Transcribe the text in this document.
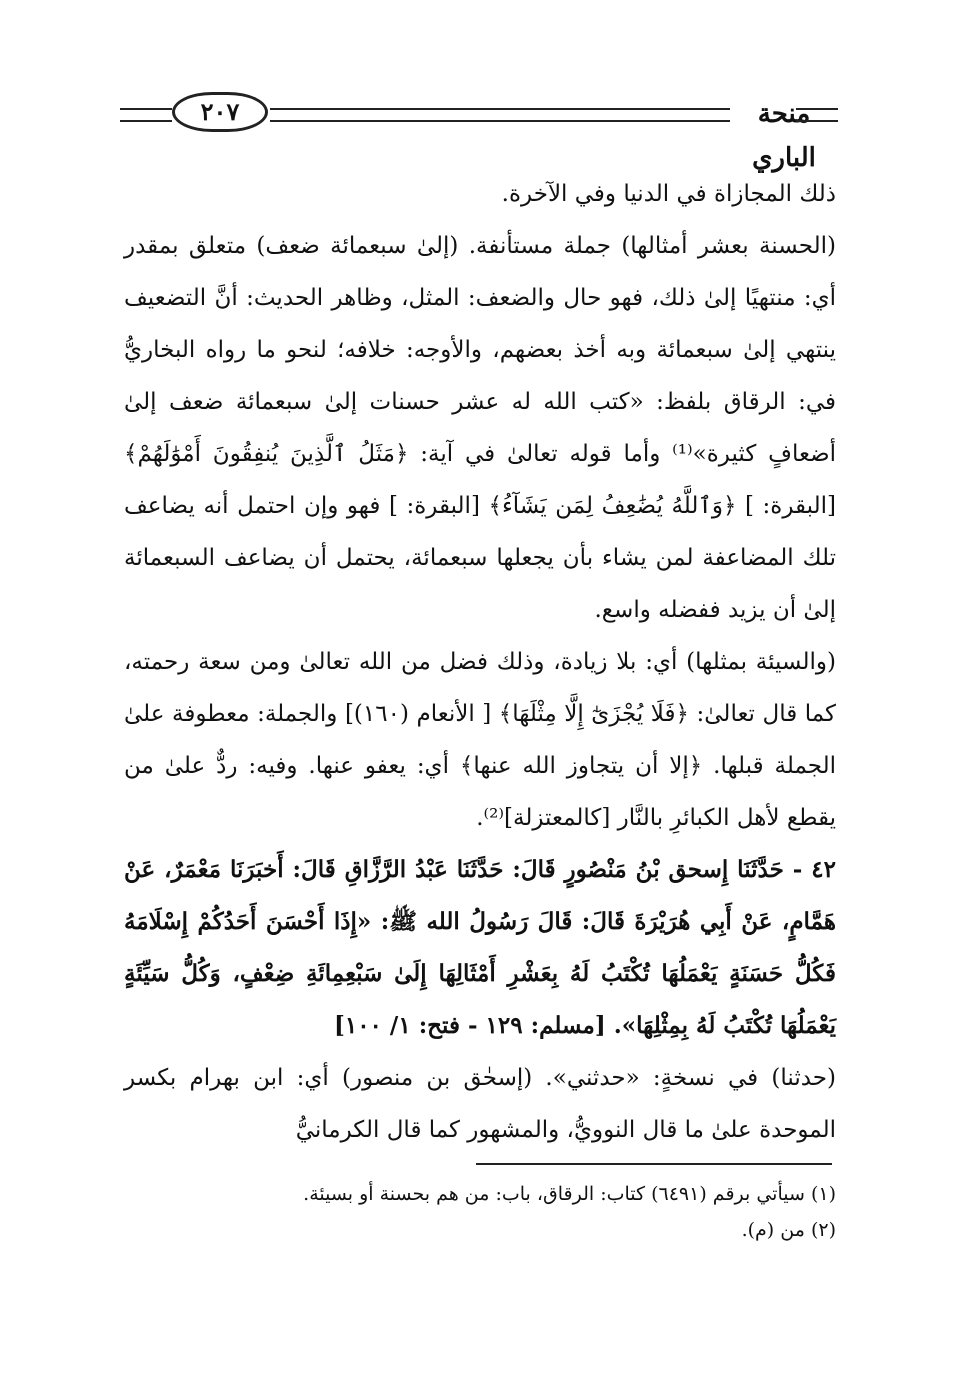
٢٠٧	منحة الباري

ذلك المجازاة في الدنيا وفي الآخرة.

(الحسنة بعشر أمثالها) جملة مستأنفة. (إلىٰ سبعمائة ضعف) متعلق بمقدر أي: منتهيًا إلىٰ ذلك، فهو حال والضعف: المثل، وظاهر الحديث: أنَّ التضعيف ينتهي إلىٰ سبعمائة وبه أخذ بعضهم، والأوجه: خلافه؛ لنحو ما رواه البخاريُّ في: الرقاق بلفظ: «كتب الله له عشر حسنات إلىٰ سبعمائة ضعف إلىٰ أضعافٍ كثيرة»⁽¹⁾ وأما قوله تعالىٰ في آية: ﴿مَثَلُ ٱلَّذِينَ يُنفِقُونَ أَمْوَٰلَهُمْ﴾ [البقرة: ] ﴿وَٱللَّهُ يُضَٰعِفُ لِمَن يَشَآءُ﴾ [البقرة: ] فهو وإن احتمل أنه يضاعف تلك المضاعفة لمن يشاء بأن يجعلها سبعمائة، يحتمل أن يضاعف السبعمائة إلىٰ أن يزيد ففضله واسع.

(والسيئة بمثلها) أي: بلا زيادة، وذلك فضل من الله تعالىٰ ومن سعة رحمته، كما قال تعالىٰ: ﴿فَلَا يُجْزَىٰٓ إِلَّا مِثْلَهَا﴾ [ الأنعام (١٦٠)] والجملة: معطوفة علىٰ الجملة قبلها. ﴿إلا أن يتجاوز الله عنها﴾ أي: يعفو عنها. وفيه: ردٌّ علىٰ من يقطع لأهل الكبائرِ بالنَّار [كالمعتزلة]⁽²⁾.

٤٢ - حَدَّثَنَا إِسحق بْنُ مَنْصُورٍ قَالَ: حَدَّثَنَا عَبْدُ الرَّزَّاقِ قَالَ: أَخبَرَنَا مَعْمَرٌ، عَنْ هَمَّامٍ، عَنْ أَبِي هُرَيْرَةَ قَالَ: قَالَ رَسُولُ الله ﷺ: «إِذَا أَحْسَنَ أَحَدُكُمْ إِسْلَامَهُ فَكُلُّ حَسَنَةٍ يَعْمَلُهَا تُكْتَبُ لَهُ بِعَشْرِ أَمْثَالِهَا إِلَىٰ سَبْعِمِائَةِ ضِعْفٍ، وَكُلُّ سَيِّئَةٍ يَعْمَلُهَا تُكْتَبُ لَهُ بِمِثْلِهَا». [مسلم: ١٢٩ - فتح: ١/ ١٠٠]

(حدثنا) في نسخةٍ: «حدثني». (إسحٰق بن منصور) أي: ابن بهرام بكسر الموحدة علىٰ ما قال النوويُّ، والمشهور كما قال الكرمانيُّ

(١) سيأتي برقم (٦٤٩١) كتاب: الرقاق، باب: من هم بحسنة أو بسيئة.

(٢) من (م).
